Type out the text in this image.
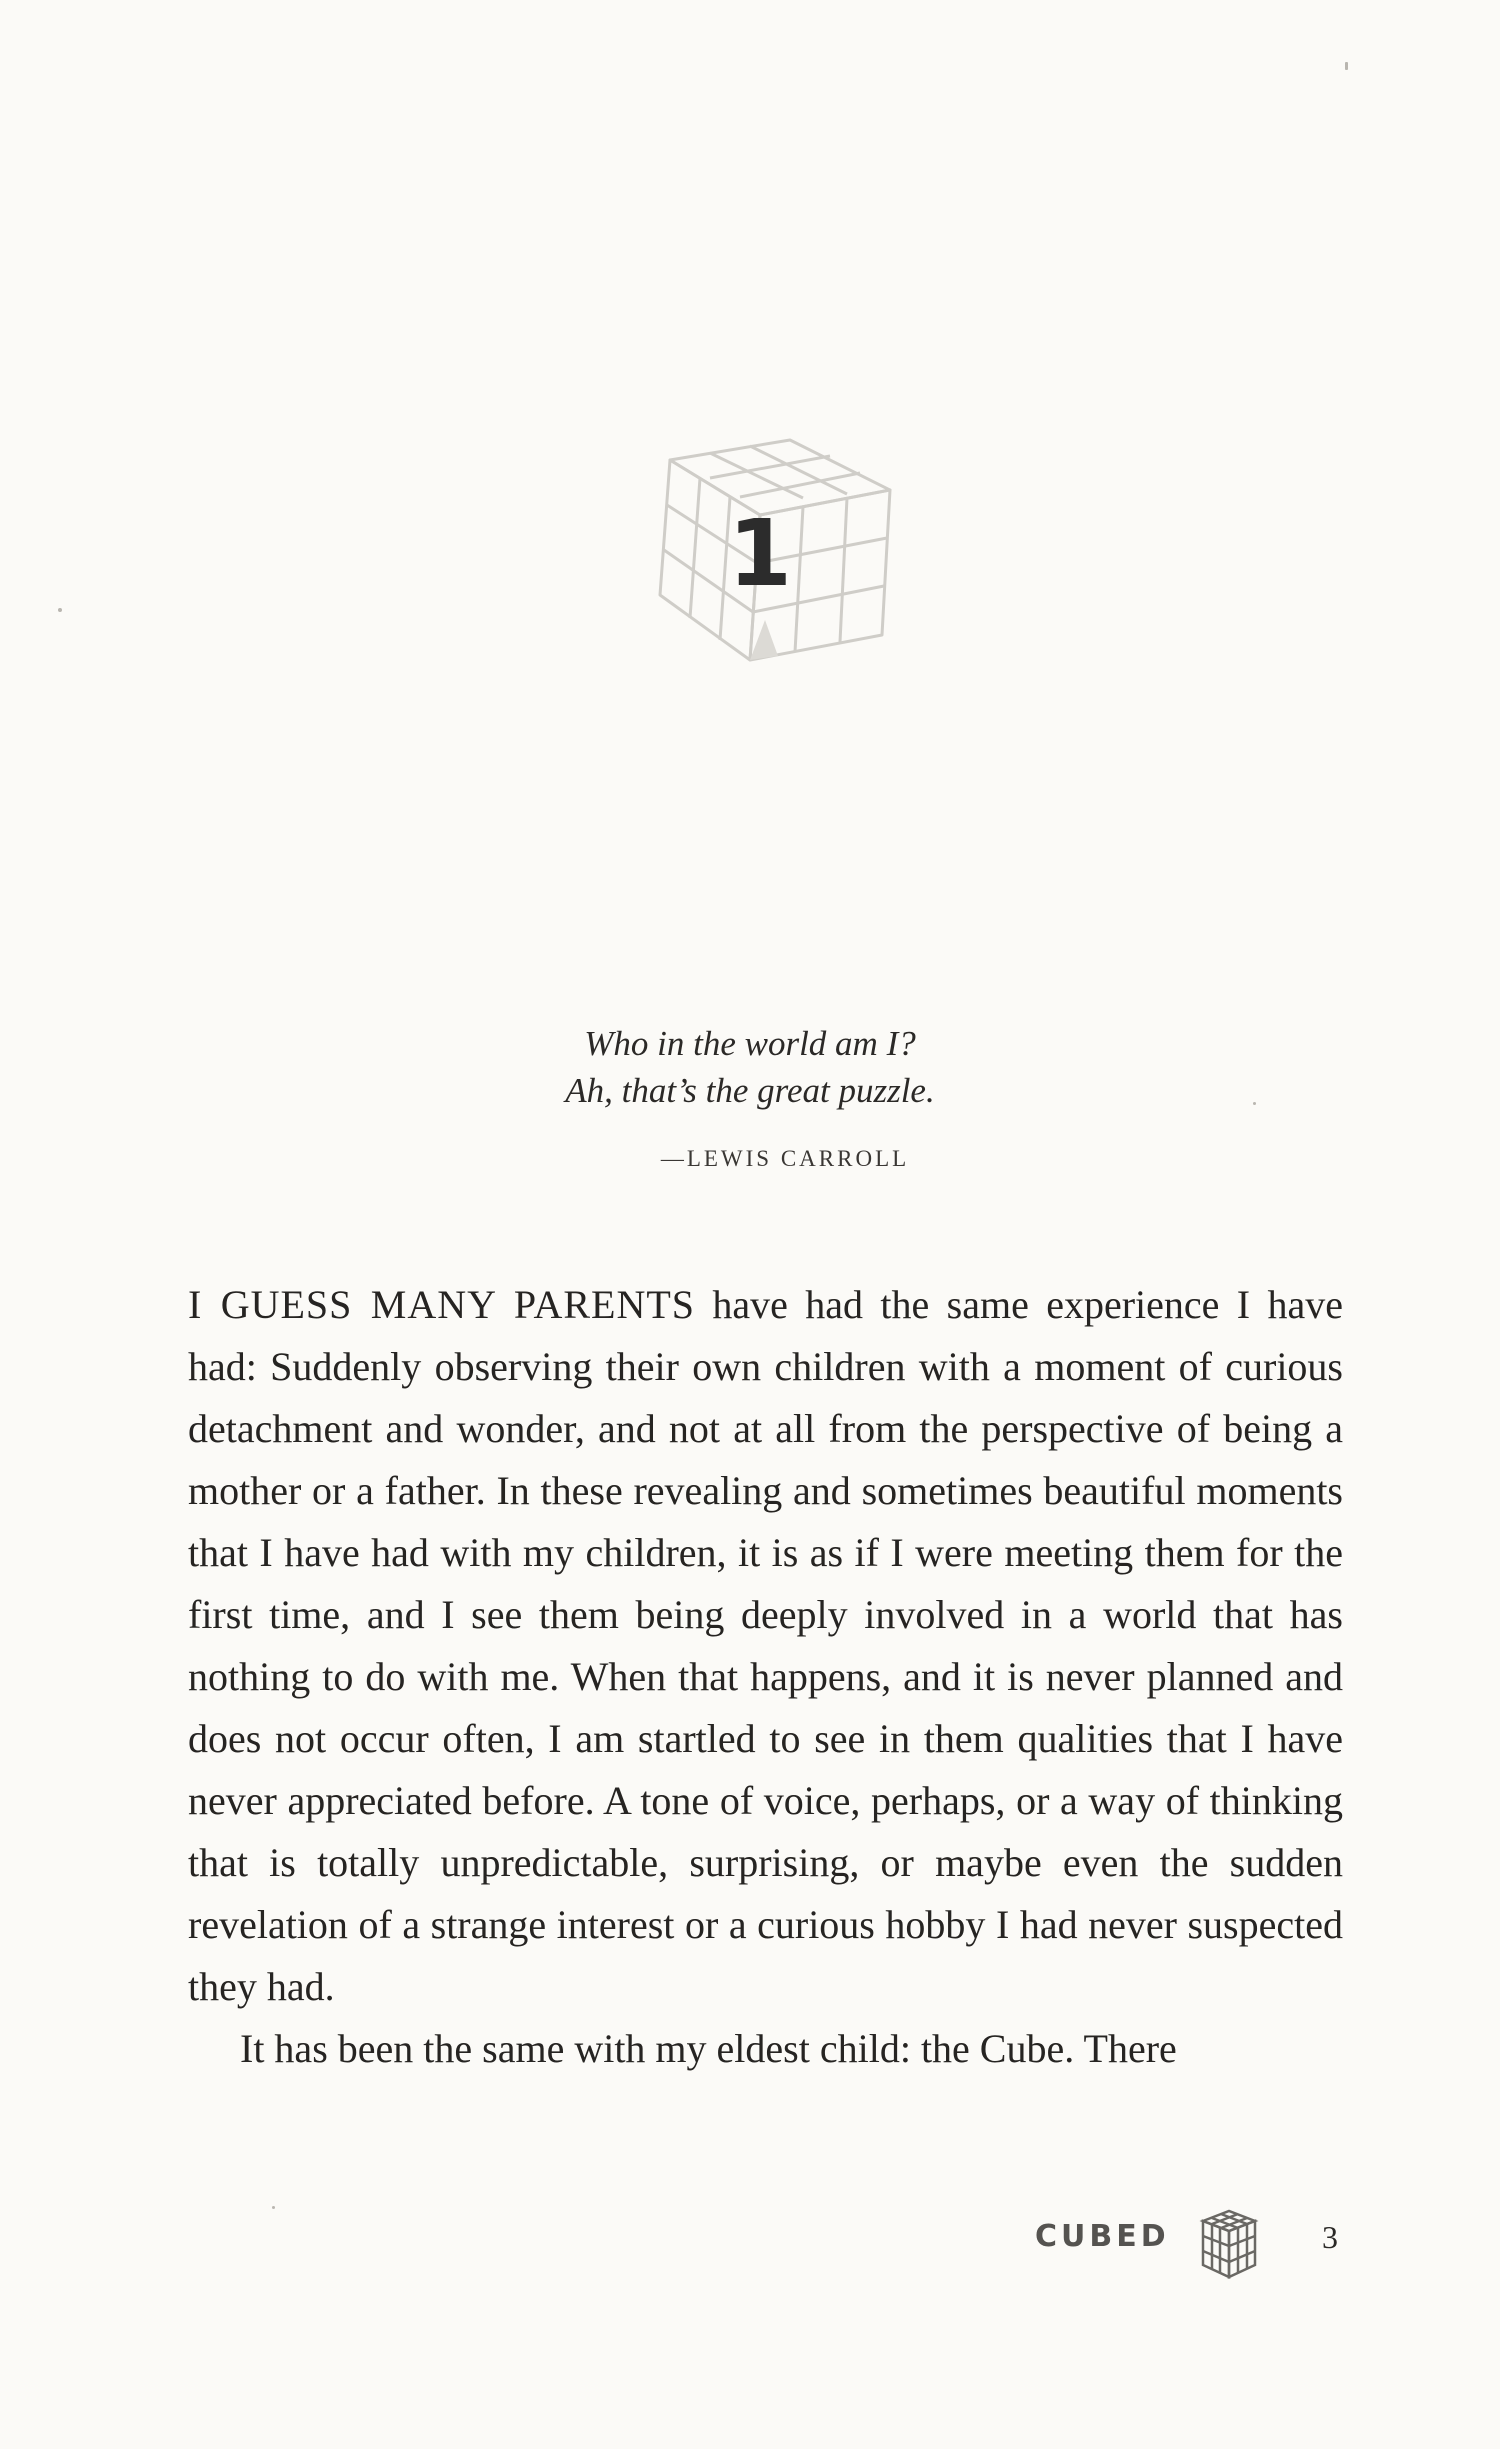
1
Who in the world am I?
Ah, that’s the great puzzle.
—LEWIS CARROLL

I GUESS MANY PARENTS have had the same experience I have had: Suddenly observing their own children with a moment of curious detachment and wonder, and not at all from the perspective of being a mother or a father. In these revealing and sometimes beautiful moments that I have had with my children, it is as if I were meeting them for the first time, and I see them being deeply involved in a world that has nothing to do with me. When that happens, and it is never planned and does not occur often, I am startled to see in them qualities that I have never appreciated before. A tone of voice, perhaps, or a way of thinking that is totally unpredictable, surprising, or maybe even the sudden revelation of a strange interest or a curious hobby I had never suspected they had.

It has been the same with my eldest child: the Cube. There

CUBED	3
